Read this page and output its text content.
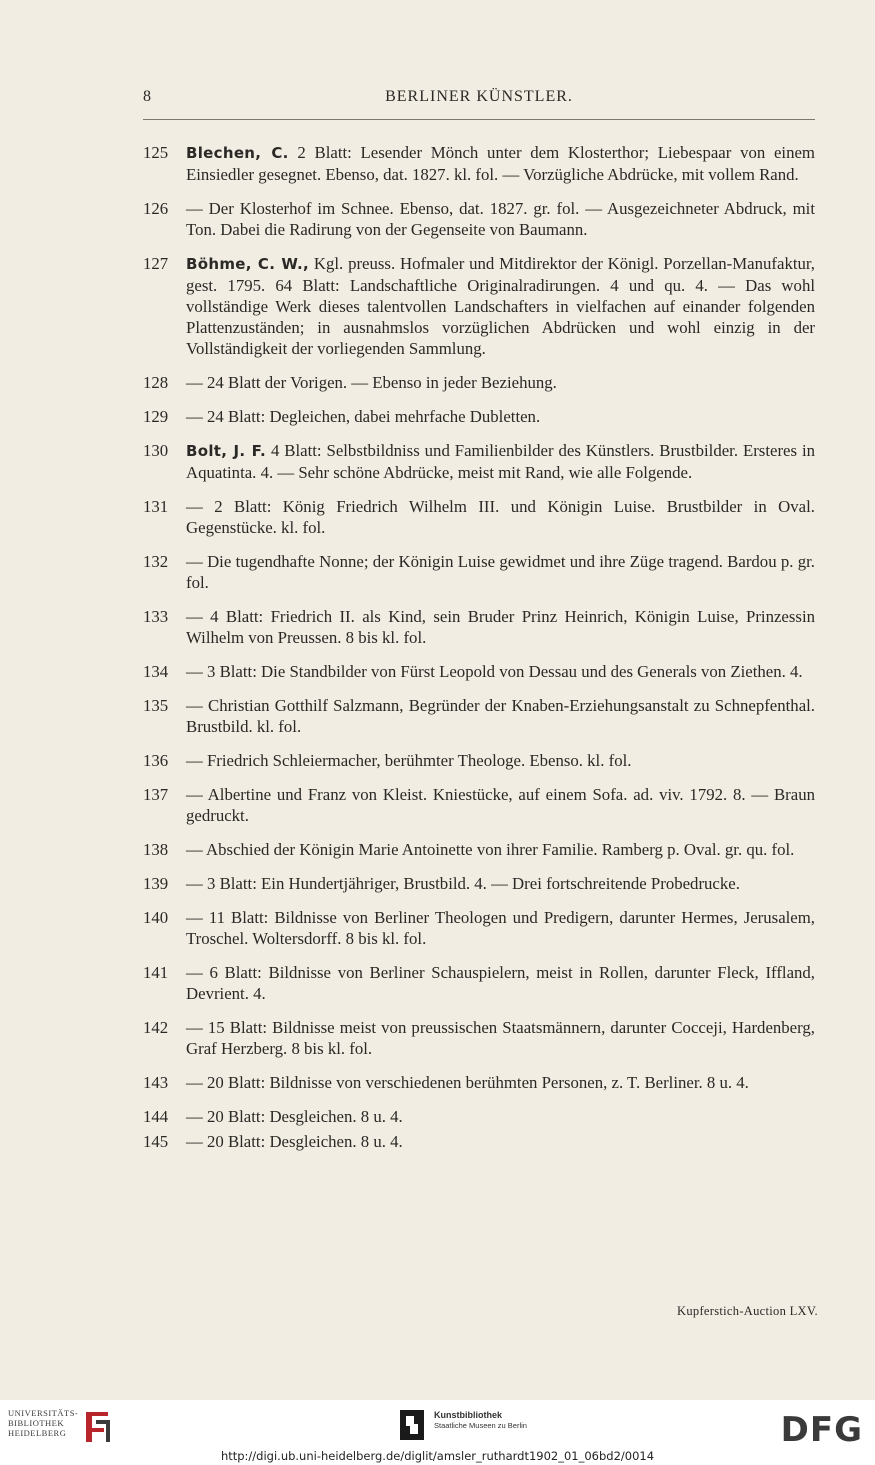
8	BERLINER KÜNSTLER.
125 Blechen, C. 2 Blatt: Lesender Mönch unter dem Klosterthor; Liebespaar von einem Einsiedler gesegnet. Ebenso, dat. 1827. kl. fol. — Vorzügliche Abdrücke, mit vollem Rand.
126 — Der Klosterhof im Schnee. Ebenso, dat. 1827. gr. fol. — Ausgezeichneter Abdruck, mit Ton. Dabei die Radirung von der Gegenseite von Baumann.
127 Böhme, C. W., Kgl. preuss. Hofmaler und Mitdirektor der Königl. Porzellan-Manufaktur, gest. 1795. 64 Blatt: Landschaftliche Originalradirungen. 4 und qu. 4. — Das wohl vollständige Werk dieses talentvollen Landschafters in vielfachen auf einander folgenden Plattenzuständen; in ausnahmslos vorzüglichen Abdrücken und wohl einzig in der Vollständigkeit der vorliegenden Sammlung.
128 — 24 Blatt der Vorigen. — Ebenso in jeder Beziehung.
129 — 24 Blatt: Degleichen, dabei mehrfache Dubletten.
130 Bolt, J. F. 4 Blatt: Selbstbildniss und Familienbilder des Künstlers. Brustbilder. Ersteres in Aquatinta. 4. — Sehr schöne Abdrücke, meist mit Rand, wie alle Folgende.
131 — 2 Blatt: König Friedrich Wilhelm III. und Königin Luise. Brustbilder in Oval. Gegenstücke. kl. fol.
132 — Die tugendhafte Nonne; der Königin Luise gewidmet und ihre Züge tragend. Bardou p. gr. fol.
133 — 4 Blatt: Friedrich II. als Kind, sein Bruder Prinz Heinrich, Königin Luise, Prinzessin Wilhelm von Preussen. 8 bis kl. fol.
134 — 3 Blatt: Die Standbilder von Fürst Leopold von Dessau und des Generals von Ziethen. 4.
135 — Christian Gotthilf Salzmann, Begründer der Knaben-Erziehungsanstalt zu Schnepfenthal. Brustbild. kl. fol.
136 — Friedrich Schleiermacher, berühmter Theologe. Ebenso. kl. fol.
137 — Albertine und Franz von Kleist. Kniestücke, auf einem Sofa. ad. viv. 1792. 8. — Braun gedruckt.
138 — Abschied der Königin Marie Antoinette von ihrer Familie. Ramberg p. Oval. gr. qu. fol.
139 — 3 Blatt: Ein Hundertjähriger, Brustbild. 4. — Drei fortschreitende Probedrucke.
140 — 11 Blatt: Bildnisse von Berliner Theologen und Predigern, darunter Hermes, Jerusalem, Troschel. Woltersdorff. 8 bis kl. fol.
141 — 6 Blatt: Bildnisse von Berliner Schauspielern, meist in Rollen, darunter Fleck, Iffland, Devrient. 4.
142 — 15 Blatt: Bildnisse meist von preussischen Staatsmännern, darunter Cocceji, Hardenberg, Graf Herzberg. 8 bis kl. fol.
143 — 20 Blatt: Bildnisse von verschiedenen berühmten Personen, z. T. Berliner. 8 u. 4.
144 — 20 Blatt: Desgleichen. 8 u. 4.
145 — 20 Blatt: Desgleichen. 8 u. 4.
Kupferstich-Auction LXV.
UNIVERSITÄTS-
BIBLIOTHEK
HEIDELBERG
Kunstbibliothek
Staatliche Museen zu Berlin	DFG
http://digi.ub.uni-heidelberg.de/diglit/amsler_ruthardt1902_01_06bd2/0014
